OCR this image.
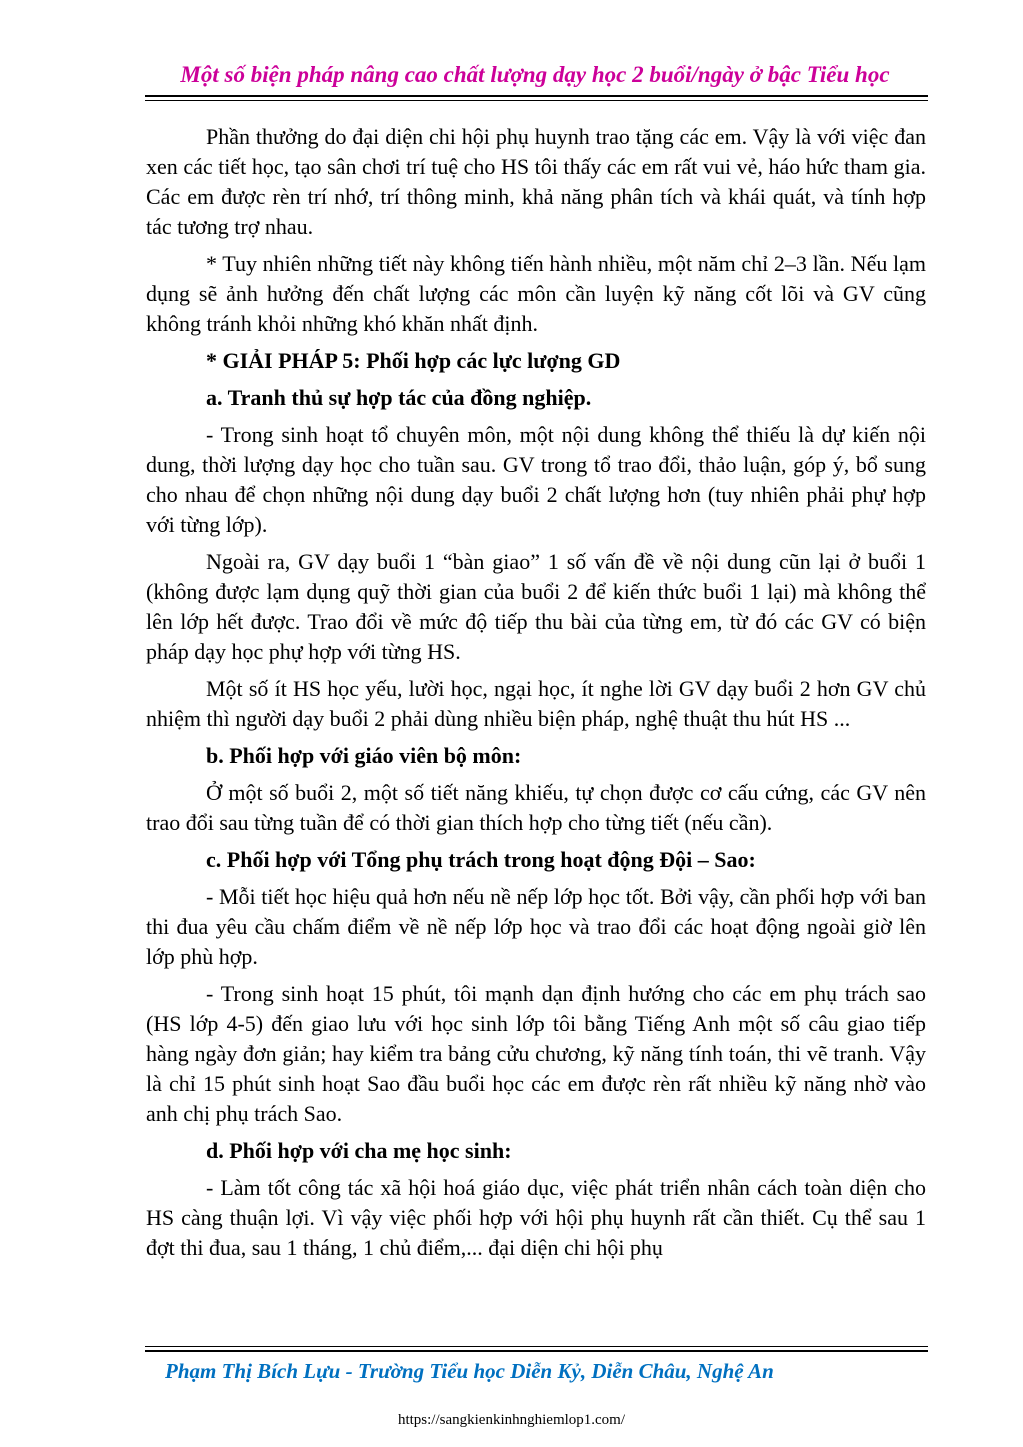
Một số biện pháp nâng cao chất lượng dạy học 2 buổi/ngày ở bậc Tiểu học

Phần thưởng do đại diện chi hội phụ huynh trao tặng các em. Vậy là với việc đan xen các tiết học, tạo sân chơi trí tuệ cho HS tôi thấy các em rất vui vẻ, háo hức tham gia. Các em được rèn trí nhớ, trí thông minh, khả năng phân tích và khái quát, và tính hợp tác tương trợ nhau.

* Tuy nhiên những tiết này không tiến hành nhiều, một năm chỉ 2–3 lần. Nếu lạm dụng sẽ ảnh hưởng đến chất lượng các môn cần luyện kỹ năng cốt lõi và GV cũng không tránh khỏi những khó khăn nhất định.

* GIẢI PHÁP 5: Phối hợp các lực lượng GD

a. Tranh thủ sự hợp tác của đồng nghiệp.

- Trong sinh hoạt tổ chuyên môn, một nội dung không thể thiếu là dự kiến nội dung, thời lượng dạy học cho tuần sau. GV trong tổ trao đổi, thảo luận, góp ý, bổ sung cho nhau để chọn những nội dung dạy buổi 2 chất lượng hơn (tuy nhiên phải phự hợp với từng lớp).

Ngoài ra, GV dạy buổi 1 “bàn giao” 1 số vấn đề về nội dung cũn lại ở buổi 1 (không được lạm dụng quỹ thời gian của buổi 2 để kiến thức buổi 1 lại) mà không thể lên lớp hết được. Trao đổi về mức độ tiếp thu bài của từng em, từ đó các GV có biện pháp dạy học phự hợp với từng HS.

Một số ít HS học yếu, lười học, ngại học, ít nghe lời GV dạy buổi 2 hơn GV chủ nhiệm thì người dạy buổi 2 phải dùng nhiều biện pháp, nghệ thuật thu hút HS ...

b. Phối hợp với giáo viên bộ môn:

Ở một số buổi 2, một số tiết năng khiếu, tự chọn được cơ cấu cứng, các GV nên trao đổi sau từng tuần để có thời gian thích hợp cho từng tiết (nếu cần).

c. Phối hợp với Tổng phụ trách trong hoạt động Đội – Sao:

- Mỗi tiết học hiệu quả hơn nếu nề nếp lớp học tốt. Bởi vậy, cần phối hợp với ban thi đua yêu cầu chấm điểm về nề nếp lớp học và trao đổi các hoạt động ngoài giờ lên lớp phù hợp.

- Trong sinh hoạt 15 phút, tôi mạnh dạn định hướng cho các em phụ trách sao (HS lớp 4-5) đến giao lưu với học sinh lớp tôi bằng Tiếng Anh một số câu giao tiếp hàng ngày đơn giản; hay kiểm tra bảng cửu chương, kỹ năng tính toán, thi vẽ tranh. Vậy là chỉ 15 phút sinh hoạt Sao đầu buổi học các em được rèn rất nhiều kỹ năng nhờ vào anh chị phụ trách Sao.

d. Phối hợp với cha mẹ học sinh:

- Làm tốt công tác xã hội hoá giáo dục, việc phát triển nhân cách toàn diện cho HS càng thuận lợi. Vì vậy việc phối hợp với hội phụ huynh rất cần thiết. Cụ thể sau 1 đợt thi đua, sau 1 tháng, 1 chủ điểm,... đại diện chi hội phụ

Phạm Thị Bích Lựu - Trường Tiểu học Diễn Kỷ, Diễn Châu, Nghệ An
https://sangkienkinhnghiemlop1.com/
